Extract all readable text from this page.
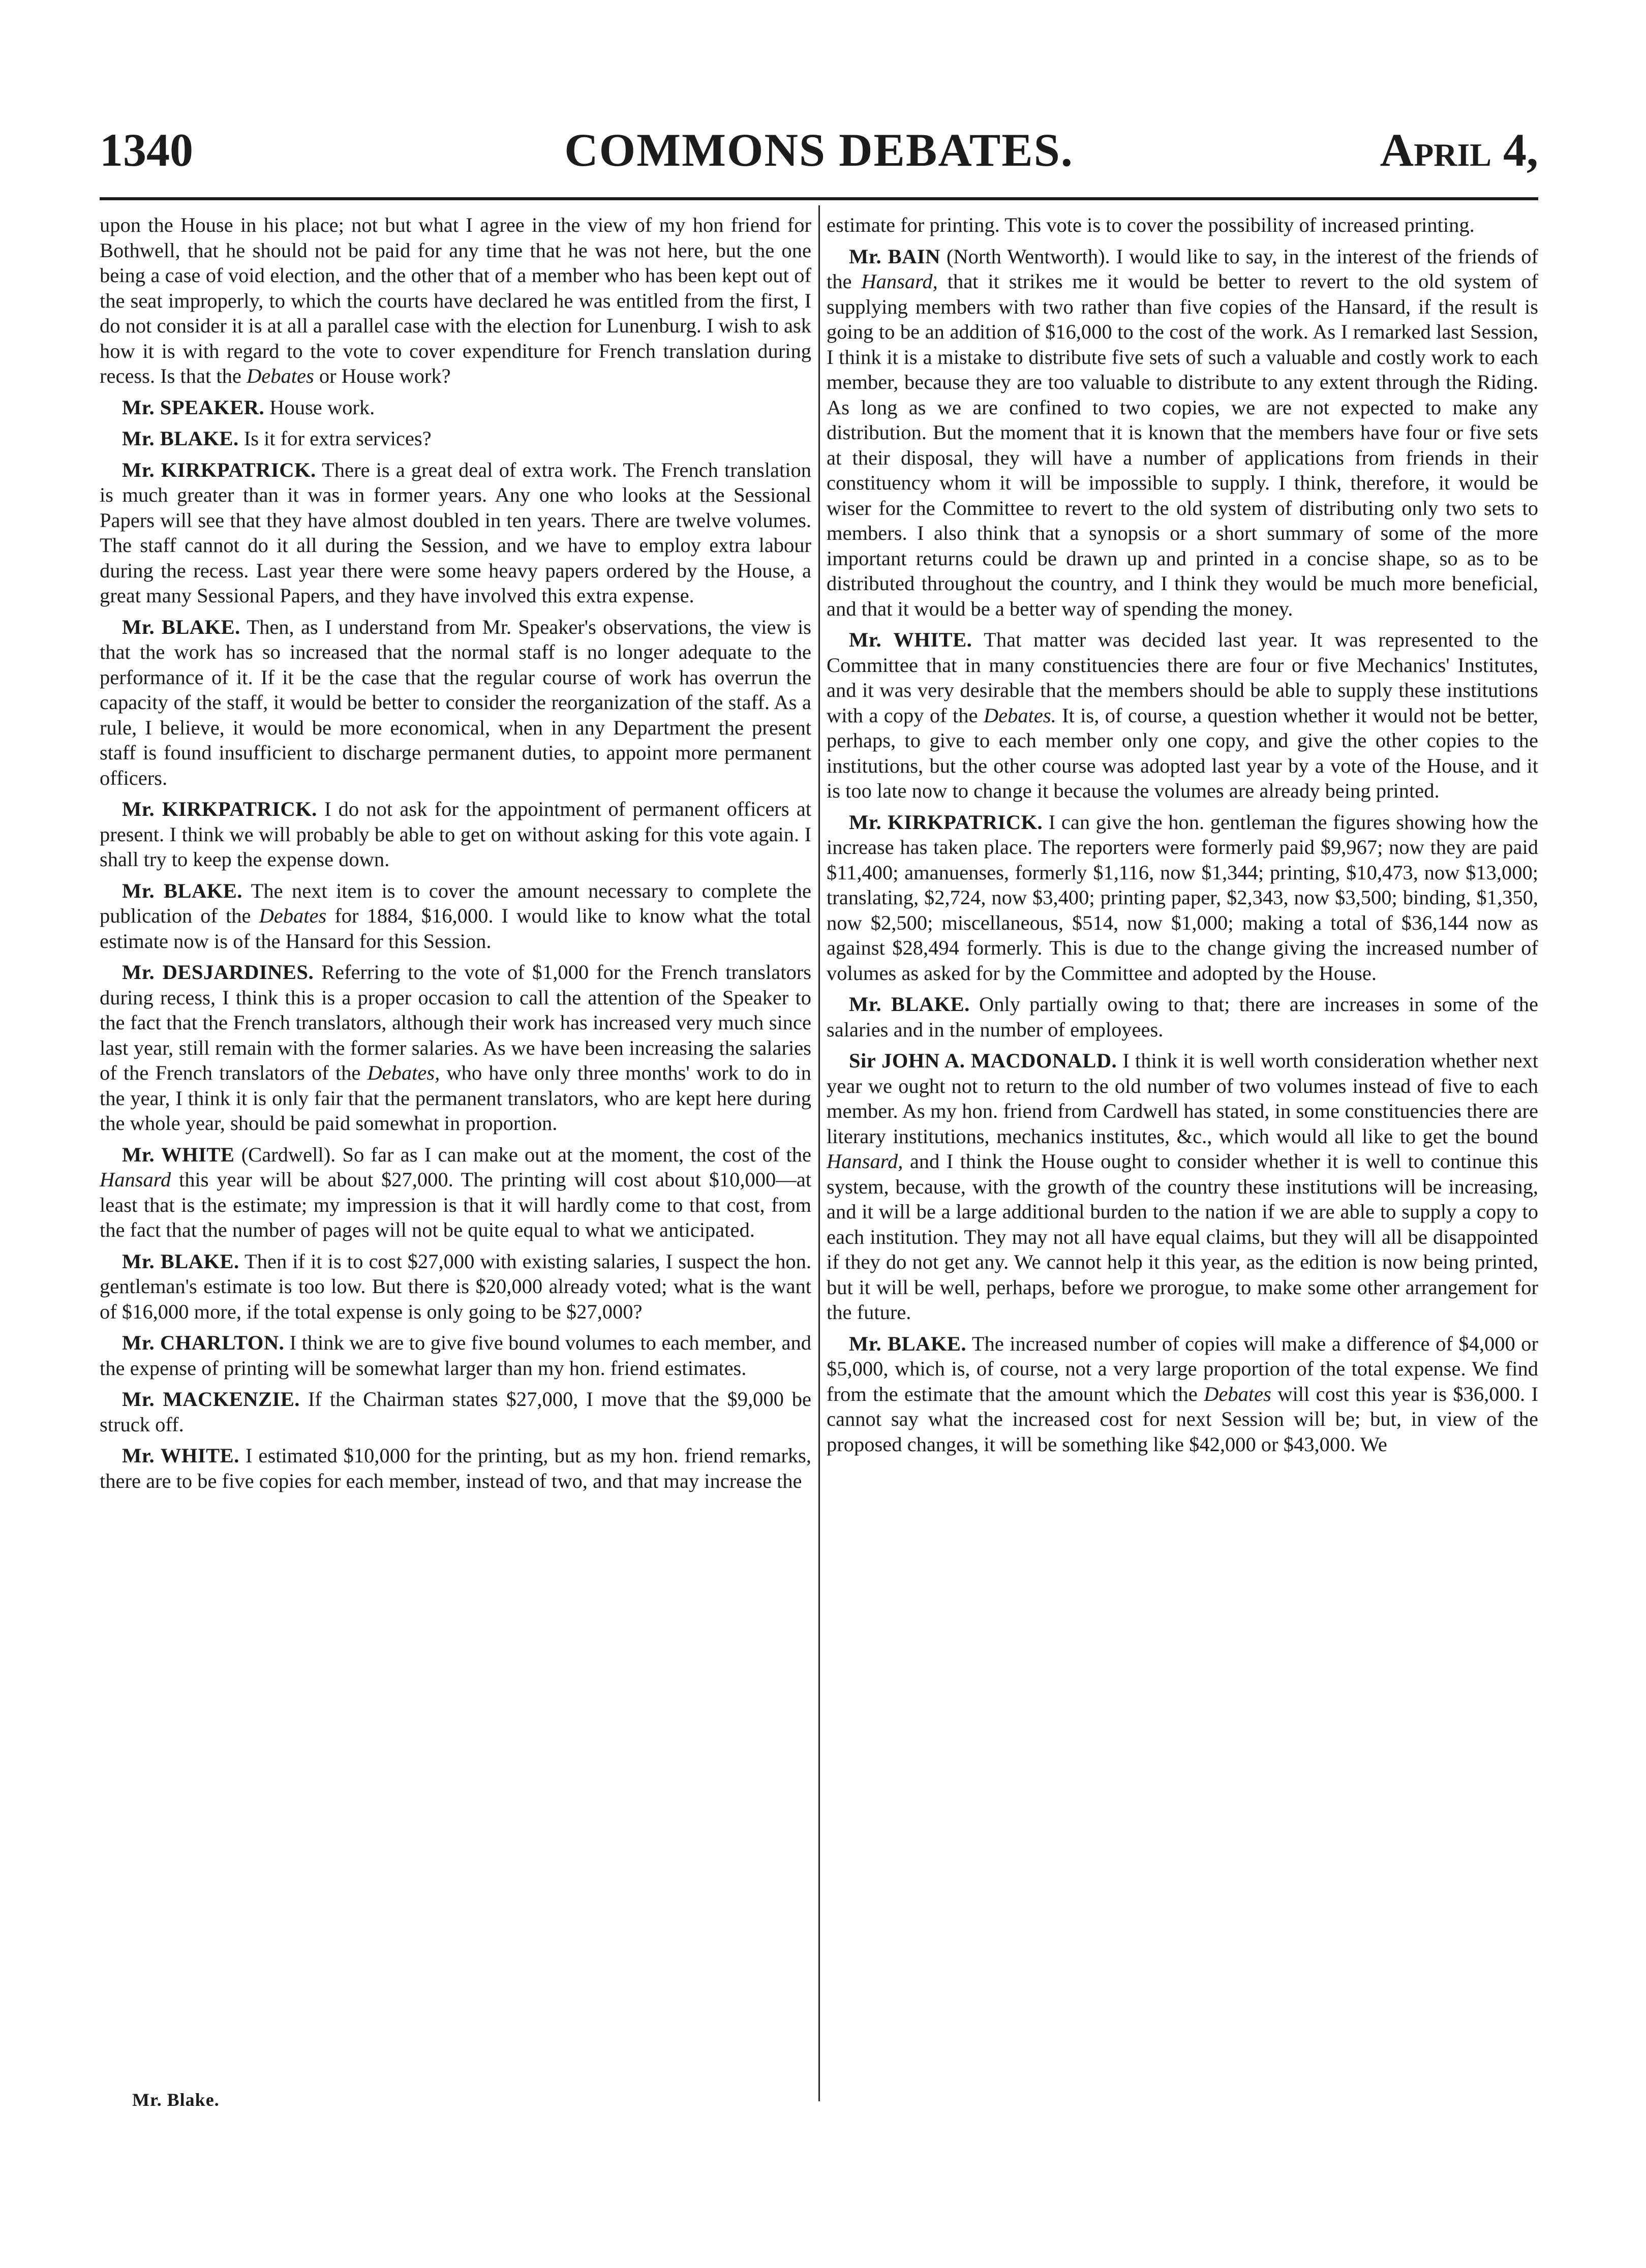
1340	COMMONS DEBATES.	April 4,

upon the House in his place; not but what I agree in the view of my hon friend for Bothwell, that he should not be paid for any time that he was not here, but the one being a case of void election, and the other that of a member who has been kept out of the seat improperly, to which the courts have declared he was entitled from the first, I do not consider it is at all a parallel case with the election for Lunenburg. I wish to ask how it is with regard to the vote to cover expenditure for French translation during recess. Is that the Debates or House work?

Mr. SPEAKER. House work.

Mr. BLAKE. Is it for extra services?

Mr. KIRKPATRICK. There is a great deal of extra work. The French translation is much greater than it was in former years. Any one who looks at the Sessional Papers will see that they have almost doubled in ten years. There are twelve volumes. The staff cannot do it all during the Session, and we have to employ extra labour during the recess. Last year there were some heavy papers ordered by the House, a great many Sessional Papers, and they have involved this extra expense.

Mr. BLAKE. Then, as I understand from Mr. Speaker's observations, the view is that the work has so increased that the normal staff is no longer adequate to the performance of it. If it be the case that the regular course of work has overrun the capacity of the staff, it would be better to consider the reorganization of the staff. As a rule, I believe, it would be more economical, when in any Department the present staff is found insufficient to discharge permanent duties, to appoint more permanent officers.

Mr. KIRKPATRICK. I do not ask for the appointment of permanent officers at present. I think we will probably be able to get on without asking for this vote again. I shall try to keep the expense down.

Mr. BLAKE. The next item is to cover the amount necessary to complete the publication of the Debates for 1884, $16,000. I would like to know what the total estimate now is of the Hansard for this Session.

Mr. DESJARDINES. Referring to the vote of $1,000 for the French translators during recess, I think this is a proper occasion to call the attention of the Speaker to the fact that the French translators, although their work has increased very much since last year, still remain with the former salaries. As we have been increasing the salaries of the French translators of the Debates, who have only three months' work to do in the year, I think it is only fair that the permanent translators, who are kept here during the whole year, should be paid somewhat in proportion.

Mr. WHITE (Cardwell). So far as I can make out at the moment, the cost of the Hansard this year will be about $27,000. The printing will cost about $10,000—at least that is the estimate; my impression is that it will hardly come to that cost, from the fact that the number of pages will not be quite equal to what we anticipated.

Mr. BLAKE. Then if it is to cost $27,000 with existing salaries, I suspect the hon. gentleman's estimate is too low. But there is $20,000 already voted; what is the want of $16,000 more, if the total expense is only going to be $27,000?

Mr. CHARLTON. I think we are to give five bound volumes to each member, and the expense of printing will be somewhat larger than my hon. friend estimates.

Mr. MACKENZIE. If the Chairman states $27,000, I move that the $9,000 be struck off.

Mr. WHITE. I estimated $10,000 for the printing, but as my hon. friend remarks, there are to be five copies for each member, instead of two, and that may increase the

estimate for printing. This vote is to cover the possibility of increased printing.

Mr. BAIN (North Wentworth). I would like to say, in the interest of the friends of the Hansard, that it strikes me it would be better to revert to the old system of supplying members with two rather than five copies of the Hansard, if the result is going to be an addition of $16,000 to the cost of the work. As I remarked last Session, I think it is a mistake to distribute five sets of such a valuable and costly work to each member, because they are too valuable to distribute to any extent through the Riding. As long as we are confined to two copies, we are not expected to make any distribution. But the moment that it is known that the members have four or five sets at their disposal, they will have a number of applications from friends in their constituency whom it will be impossible to supply. I think, therefore, it would be wiser for the Committee to revert to the old system of distributing only two sets to members. I also think that a synopsis or a short summary of some of the more important returns could be drawn up and printed in a concise shape, so as to be distributed throughout the country, and I think they would be much more beneficial, and that it would be a better way of spending the money.

Mr. WHITE. That matter was decided last year. It was represented to the Committee that in many constituencies there are four or five Mechanics' Institutes, and it was very desirable that the members should be able to supply these institutions with a copy of the Debates. It is, of course, a question whether it would not be better, perhaps, to give to each member only one copy, and give the other copies to the institutions, but the other course was adopted last year by a vote of the House, and it is too late now to change it because the volumes are already being printed.

Mr. KIRKPATRICK. I can give the hon. gentleman the figures showing how the increase has taken place. The reporters were formerly paid $9,967; now they are paid $11,400; amanuenses, formerly $1,116, now $1,344; printing, $10,473, now $13,000; translating, $2,724, now $3,400; printing paper, $2,343, now $3,500; binding, $1,350, now $2,500; miscellaneous, $514, now $1,000; making a total of $36,144 now as against $28,494 formerly. This is due to the change giving the increased number of volumes as asked for by the Committee and adopted by the House.

Mr. BLAKE. Only partially owing to that; there are increases in some of the salaries and in the number of employees.

Sir JOHN A. MACDONALD. I think it is well worth consideration whether next year we ought not to return to the old number of two volumes instead of five to each member. As my hon. friend from Cardwell has stated, in some constituencies there are literary institutions, mechanics institutes, &c., which would all like to get the bound Hansard, and I think the House ought to consider whether it is well to continue this system, because, with the growth of the country these institutions will be increasing, and it will be a large additional burden to the nation if we are able to supply a copy to each institution. They may not all have equal claims, but they will all be disappointed if they do not get any. We cannot help it this year, as the edition is now being printed, but it will be well, perhaps, before we prorogue, to make some other arrangement for the future.

Mr. BLAKE. The increased number of copies will make a difference of $4,000 or $5,000, which is, of course, not a very large proportion of the total expense. We find from the estimate that the amount which the Debates will cost this year is $36,000. I cannot say what the increased cost for next Session will be; but, in view of the proposed changes, it will be something like $42,000 or $43,000. We

Mr. Blake.
